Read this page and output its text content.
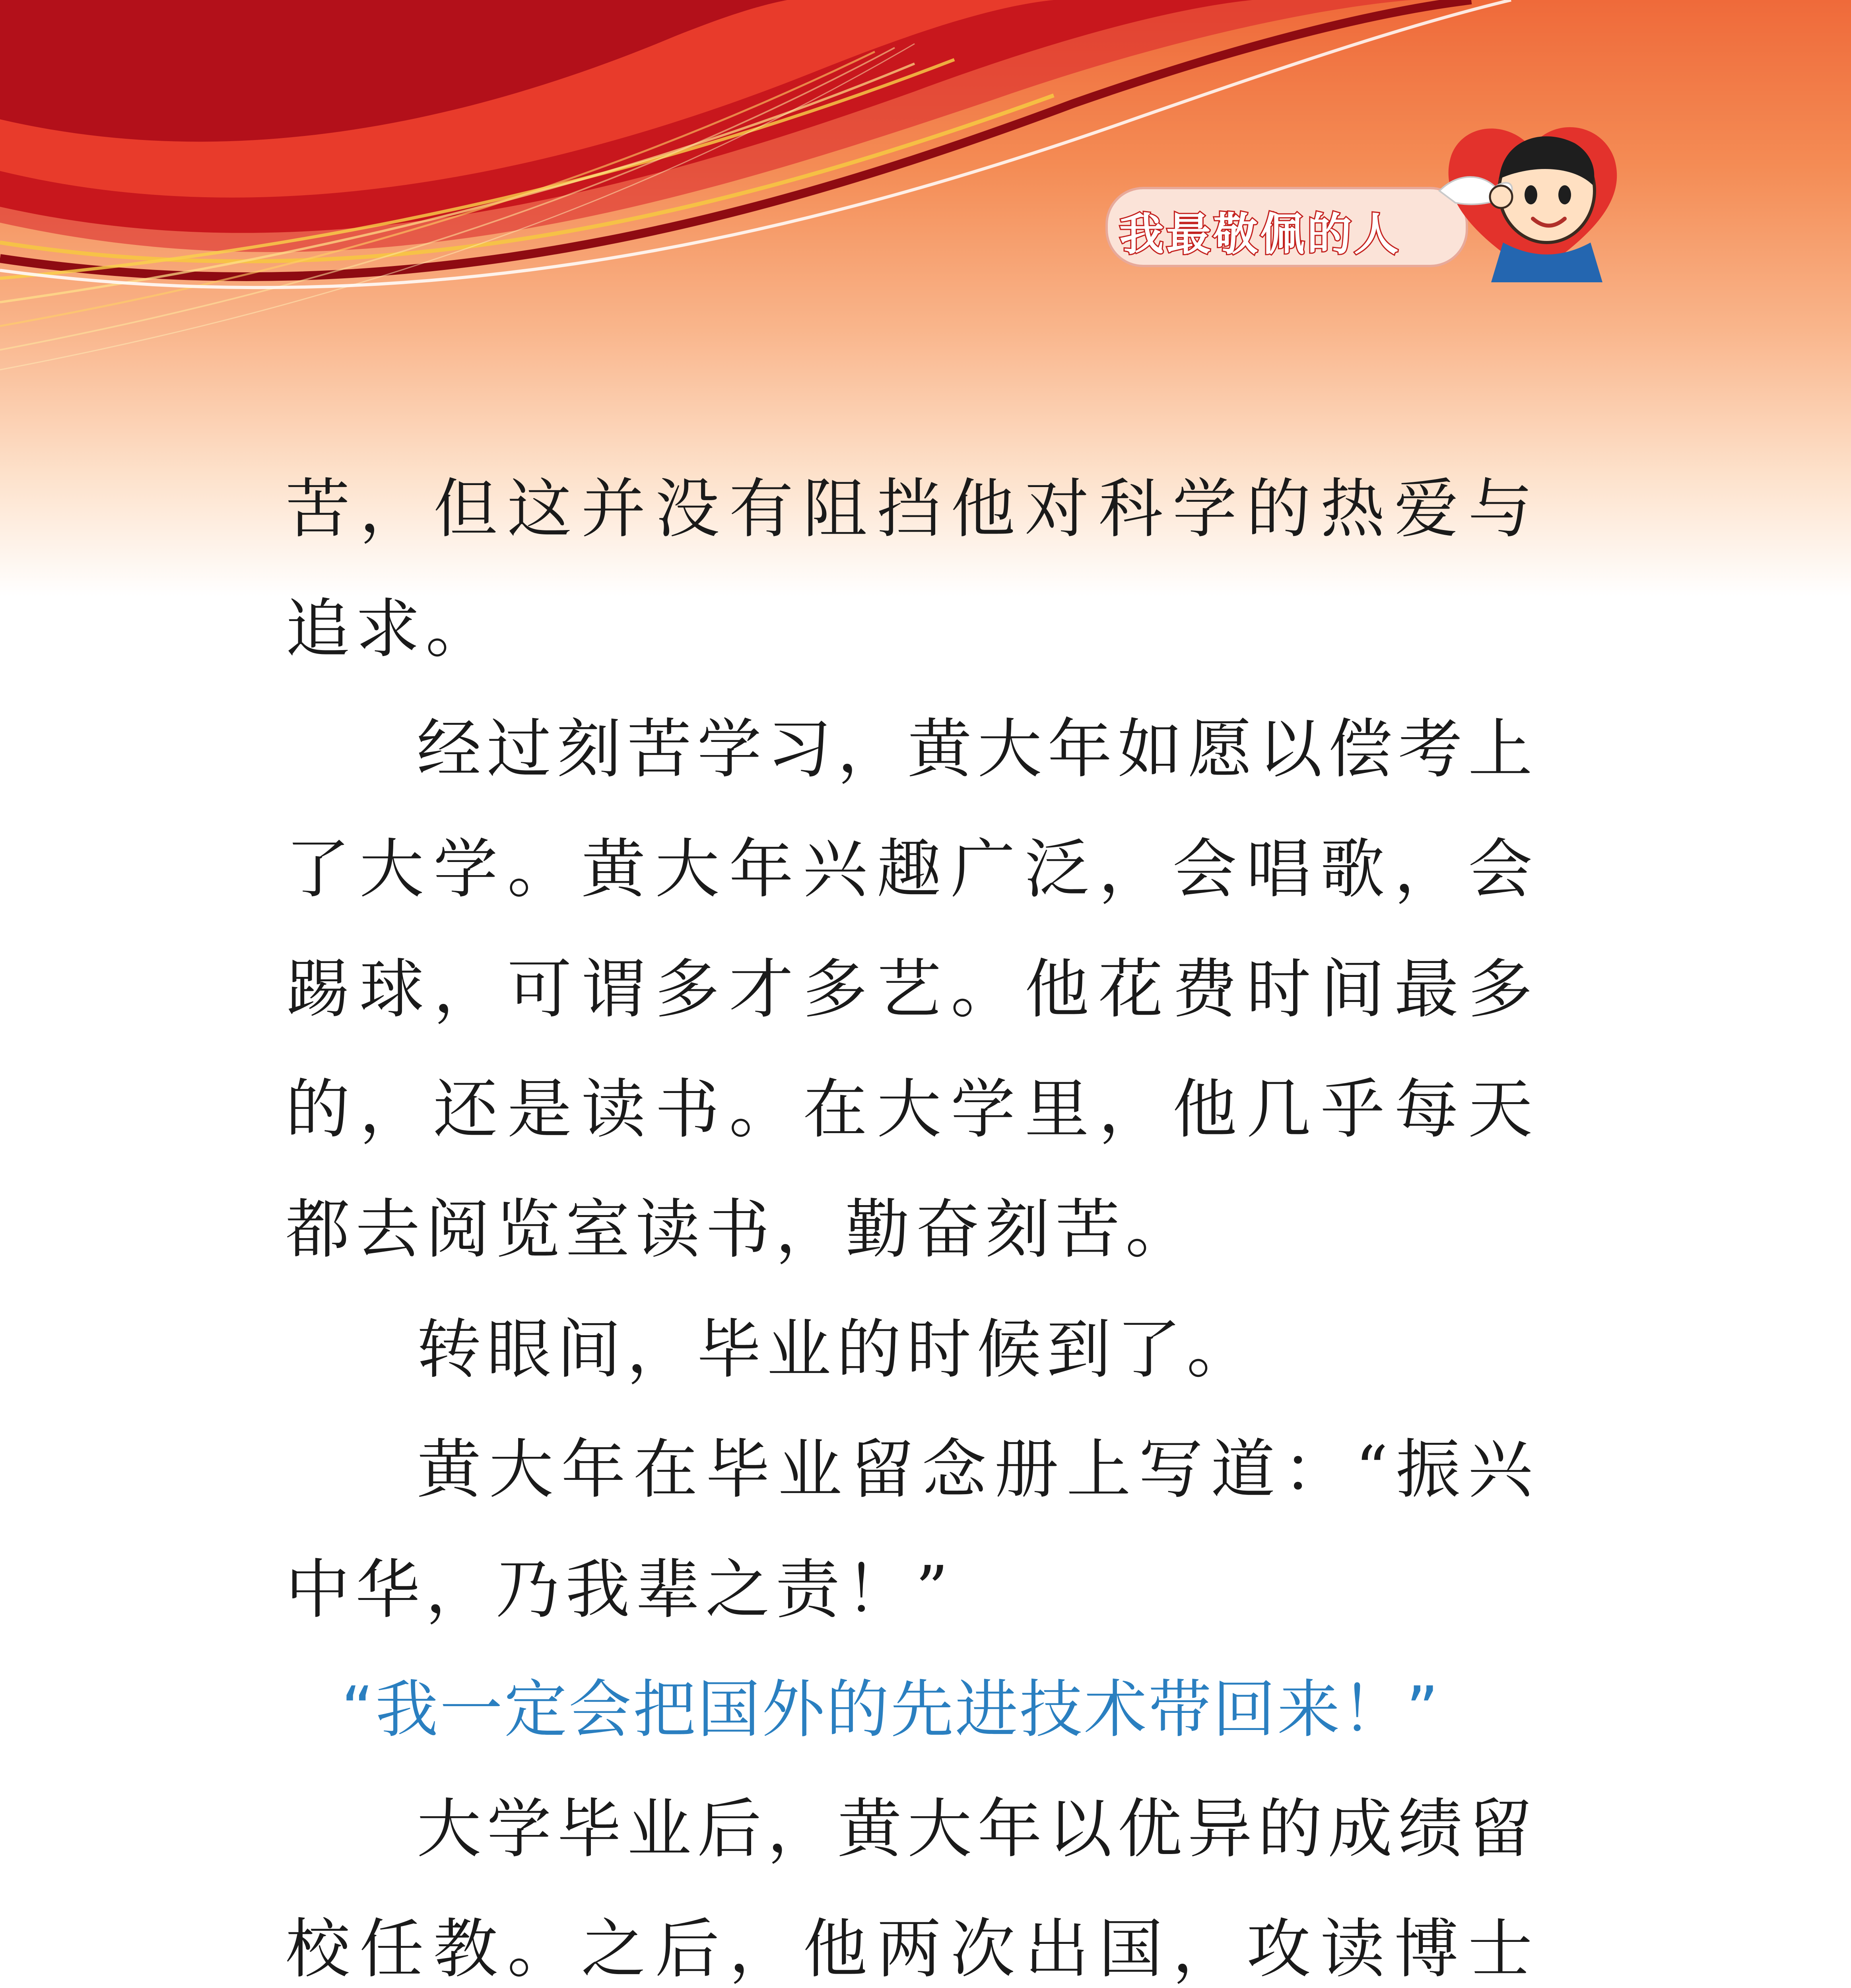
我最敬佩的人

苦，但这并没有阻挡他对科学的热爱与追求。

经过刻苦学习，黄大年如愿以偿考上了大学。黄大年兴趣广泛，会唱歌，会踢球，可谓多才多艺。他花费时间最多的，还是读书。在大学里，他几乎每天都去阅览室读书，勤奋刻苦。

转眼间，毕业的时候到了。

黄大年在毕业留念册上写道：“振兴中华，乃我辈之责！”

“我一定会把国外的先进技术带回来！”

大学毕业后，黄大年以优异的成绩留校任教。之后，他两次出国，攻读博士
